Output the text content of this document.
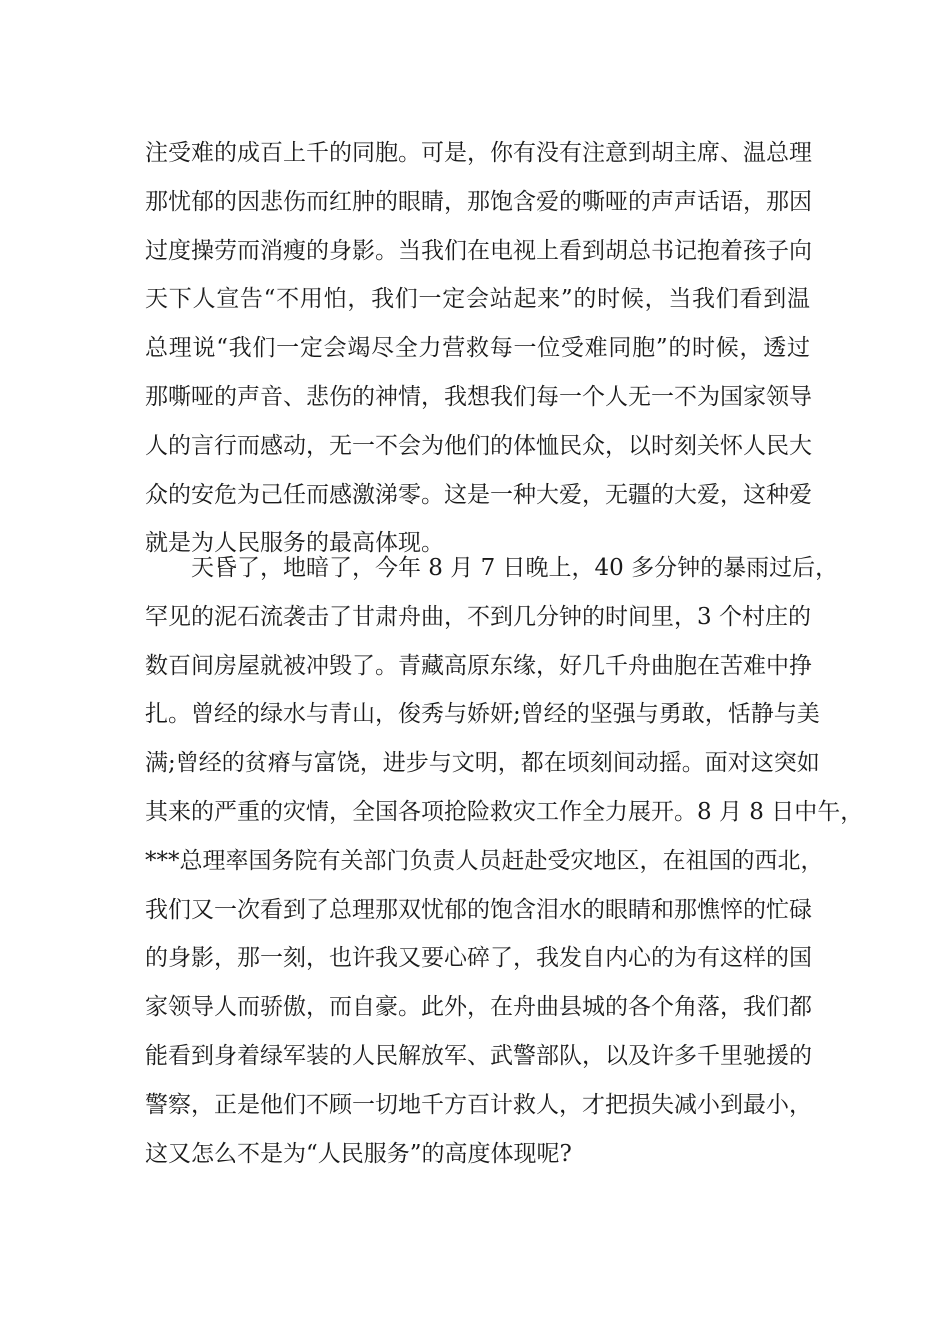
注受难的成百上千的同胞。可是，你有没有注意到胡主席、温总理
那忧郁的因悲伤而红肿的眼睛，那饱含爱的嘶哑的声声话语，那因
过度操劳而消瘦的身影。当我们在电视上看到胡总书记抱着孩子向
天下人宣告“不用怕，我们一定会站起来”的时候，当我们看到温
总理说“我们一定会竭尽全力营救每一位受难同胞”的时候，透过
那嘶哑的声音、悲伤的神情，我想我们每一个人无一不为国家领导
人的言行而感动，无一不会为他们的体恤民众，以时刻关怀人民大
众的安危为己任而感激涕零。这是一种大爱，无疆的大爱，这种爱
就是为人民服务的最高体现。
天昏了，地暗了，今年 8 月 7 日晚上，40 多分钟的暴雨过后，
罕见的泥石流袭击了甘肃舟曲，不到几分钟的时间里，3 个村庄的
数百间房屋就被冲毁了。青藏高原东缘，好几千舟曲胞在苦难中挣
扎。曾经的绿水与青山，俊秀与娇妍;曾经的坚强与勇敢，恬静与美
满;曾经的贫瘠与富饶，进步与文明，都在顷刻间动摇。面对这突如
其来的严重的灾情，全国各项抢险救灾工作全力展开。8 月 8 日中午，
***总理率国务院有关部门负责人员赶赴受灾地区，在祖国的西北，
我们又一次看到了总理那双忧郁的饱含泪水的眼睛和那憔悴的忙碌
的身影，那一刻，也许我又要心碎了，我发自内心的为有这样的国
家领导人而骄傲，而自豪。此外，在舟曲县城的各个角落，我们都
能看到身着绿军装的人民解放军、武警部队，以及许多千里驰援的
警察，正是他们不顾一切地千方百计救人，才把损失减小到最小，
这又怎么不是为“人民服务”的高度体现呢?
